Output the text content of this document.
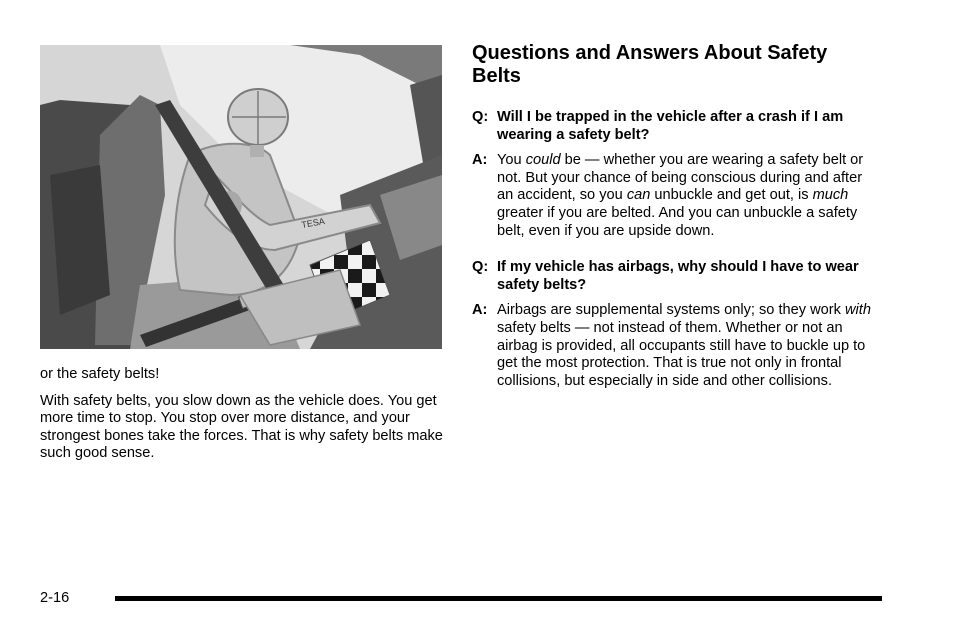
TESA

or the safety belts!

With safety belts, you slow down as the vehicle does. You get more time to stop. You stop over more distance, and your strongest bones take the forces. That is why safety belts make such good sense.

Questions and Answers About Safety Belts
Q: Will I be trapped in the vehicle after a crash if I am wearing a safety belt?
A: You could be — whether you are wearing a safety belt or not. But your chance of being conscious during and after an accident, so you can unbuckle and get out, is much greater if you are belted. And you can unbuckle a safety belt, even if you are upside down.
Q: If my vehicle has airbags, why should I have to wear safety belts?
A: Airbags are supplemental systems only; so they work with safety belts — not instead of them. Whether or not an airbag is provided, all occupants still have to buckle up to get the most protection. That is true not only in frontal collisions, but especially in side and other collisions.
2-16
